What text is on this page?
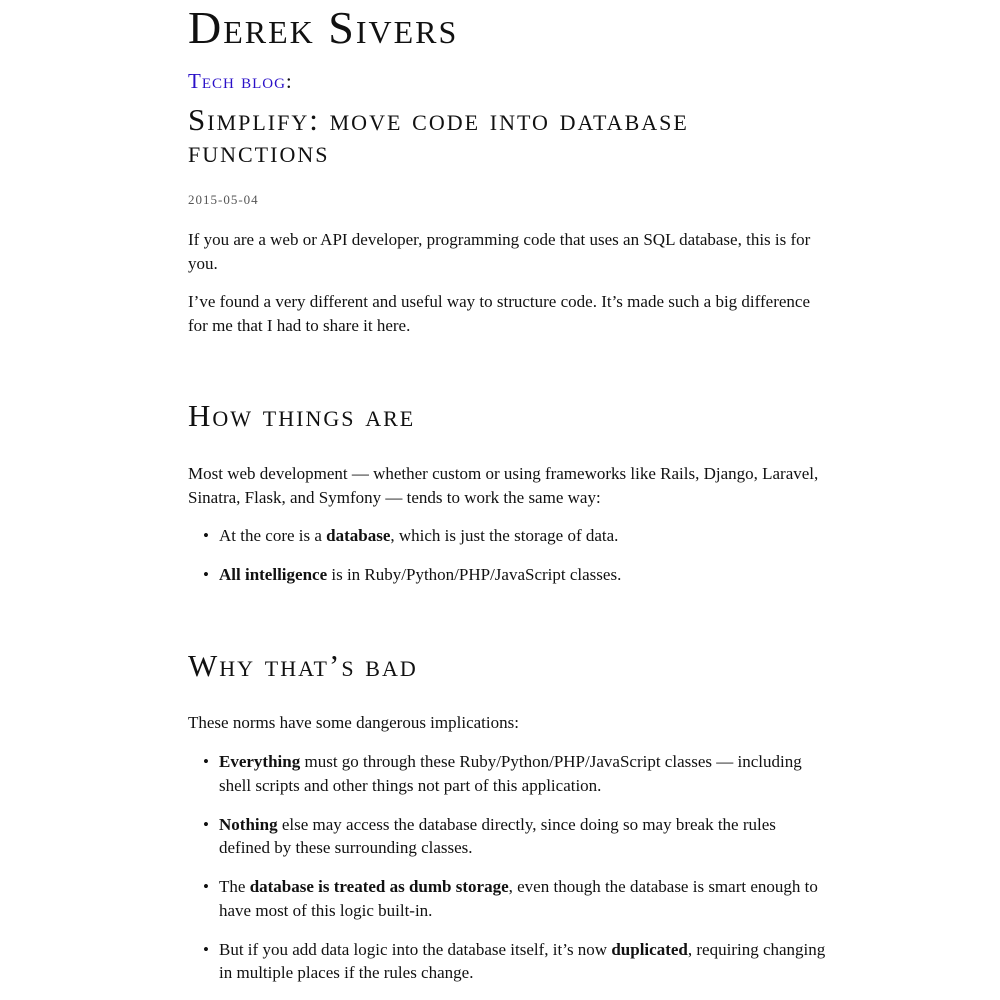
Derek Sivers
Tech blog:
Simplify: move code into database functions
2015-05-04

If you are a web or API developer, programming code that uses an SQL database, this is for you.

I’ve found a very different and useful way to structure code. It’s made such a big difference for me that I had to share it here.

How things are

Most web development — whether custom or using frameworks like Rails, Django, Laravel, Sinatra, Flask, and Symfony — tends to work the same way:

• At the core is a database, which is just the storage of data.
• All intelligence is in Ruby/Python/PHP/JavaScript classes.
Why that’s bad

These norms have some dangerous implications:

• Everything must go through these Ruby/Python/PHP/JavaScript classes — including shell scripts and other things not part of this application.
• Nothing else may access the database directly, since doing so may break the rules defined by these surrounding classes.
• The database is treated as dumb storage, even though the database is smart enough to have most of this logic built-in.
• But if you add data logic into the database itself, it’s now duplicated, requiring changing in multiple places if the rules change.
